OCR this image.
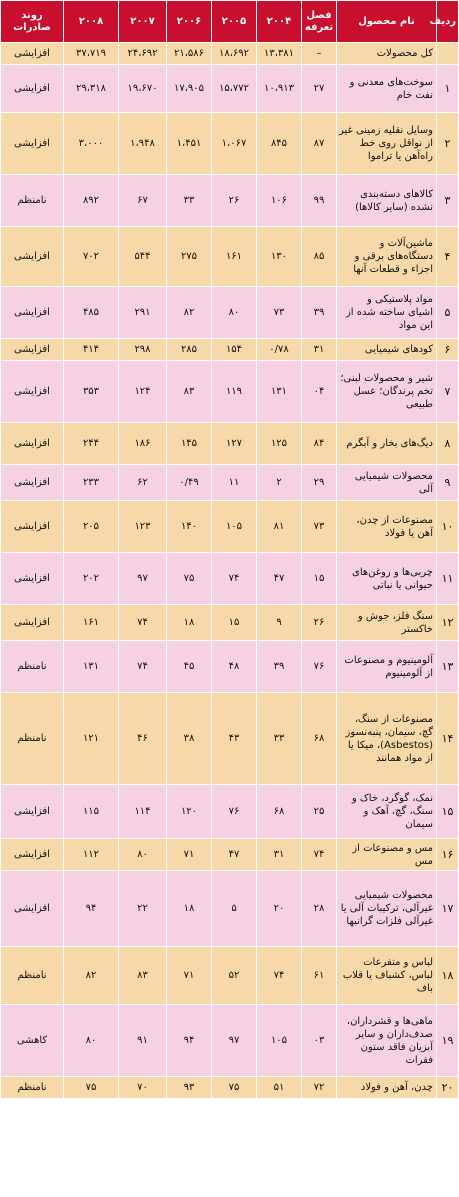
ردیف	نام محصول	فصل تعرفه	۲۰۰۴	۲۰۰۵	۲۰۰۶	۲۰۰۷	۲۰۰۸	روند صادرات
	کل محصولات	–	۱۳،۳۸۱	۱۸،۶۹۲	۲۱،۵۸۶	۲۴،۶۹۲	۳۷،۷۱۹	افزایشی
۱	سوخت‌های معدنی و نفت خام	۲۷	۱۰،۹۱۳	۱۵،۷۷۲	۱۷،۹۰۵	۱۹،۶۷۰	۲۹،۳۱۸	افزایشی
۲	وسایل نقلیه زمینی غیر از نواقل روی خط راه‌آهن یا تراموا	۸۷	۸۴۵	۱،۰۶۷	۱،۴۵۱	۱،۹۴۸	۳،۰۰۰	افزایشی
۳	کالاهای دسته‌بندی نشده (سایر کالاها)	۹۹	۱۰۶	۲۶	۳۳	۶۷	۸۹۲	نامنظم
۴	ماشین‌آلات و دستگاه‌های برقی و اجزاء و قطعات آنها	۸۵	۱۳۰	۱۶۱	۲۷۵	۵۴۴	۷۰۲	افزایشی
۵	مواد پلاستیکی و اشیای ساخته شده از این مواد	۳۹	۷۳	۸۰	۸۲	۲۹۱	۴۸۵	افزایشی
۶	کودهای شیمیایی	۳۱	۰/۷۸	۱۵۴	۲۸۵	۲۹۸	۴۱۴	افزایشی
۷	شیر و محصولات لبنی؛ تخم پرندگان؛ عسل طبیعی	۰۴	۱۳۱	۱۱۹	۸۳	۱۲۴	۳۵۳	افزایشی
۸	دیگ‌های بخار و آبگرم	۸۴	۱۲۵	۱۲۷	۱۴۵	۱۸۶	۲۴۴	افزایشی
۹	محصولات شیمیایی آلی	۲۹	۲	۱۱	۰/۴۹	۶۲	۲۳۳	افزایشی
۱۰	مصنوعات از چدن، آهن یا فولاد	۷۳	۸۱	۱۰۵	۱۴۰	۱۲۳	۲۰۵	افزایشی
۱۱	چربی‌ها و روغن‌های حیوانی یا نباتی	۱۵	۴۷	۷۴	۷۵	۹۷	۲۰۲	افزایشی
۱۲	سنگ فلز، جوش و خاکستر	۲۶	۹	۱۵	۱۸	۷۴	۱۶۱	افزایشی
۱۳	آلومینیوم و مصنوعات از آلومینیوم	۷۶	۳۹	۴۸	۴۵	۷۴	۱۳۱	نامنظم
۱۴	مصنوعات از سنگ، گچ، سیمان، پنبه‌نسوز (Asbestos)، میکا یا از مواد همانند	۶۸	۳۳	۴۳	۳۸	۴۶	۱۲۱	نامنظم
۱۵	نمک، گوگرد، خاک و سنگ، گچ، آهک و سیمان	۲۵	۶۸	۷۶	۱۲۰	۱۱۴	۱۱۵	افزایشی
۱۶	مس و مصنوعات از مس	۷۴	۳۱	۴۷	۷۱	۸۰	۱۱۲	افزایشی
۱۷	محصولات شیمیایی غیرآلی، ترکیبات آلی یا غیرآلی فلزات گرانبها	۲۸	۲۰	۵	۱۸	۲۲	۹۴	افزایشی
۱۸	لباس و متفرعات لباس، کشباف یا قلاب باف	۶۱	۷۴	۵۲	۷۱	۸۳	۸۲	نامنظم
۱۹	ماهی‌ها و قشرداران، صدف‌داران و سایر آبزیان فاقد ستون فقرات	۰۳	۱۰۵	۹۷	۹۴	۹۱	۸۰	کاهشی
۲۰	چدن، آهن و فولاد	۷۲	۵۱	۷۵	۹۳	۷۰	۷۵	نامنظم
